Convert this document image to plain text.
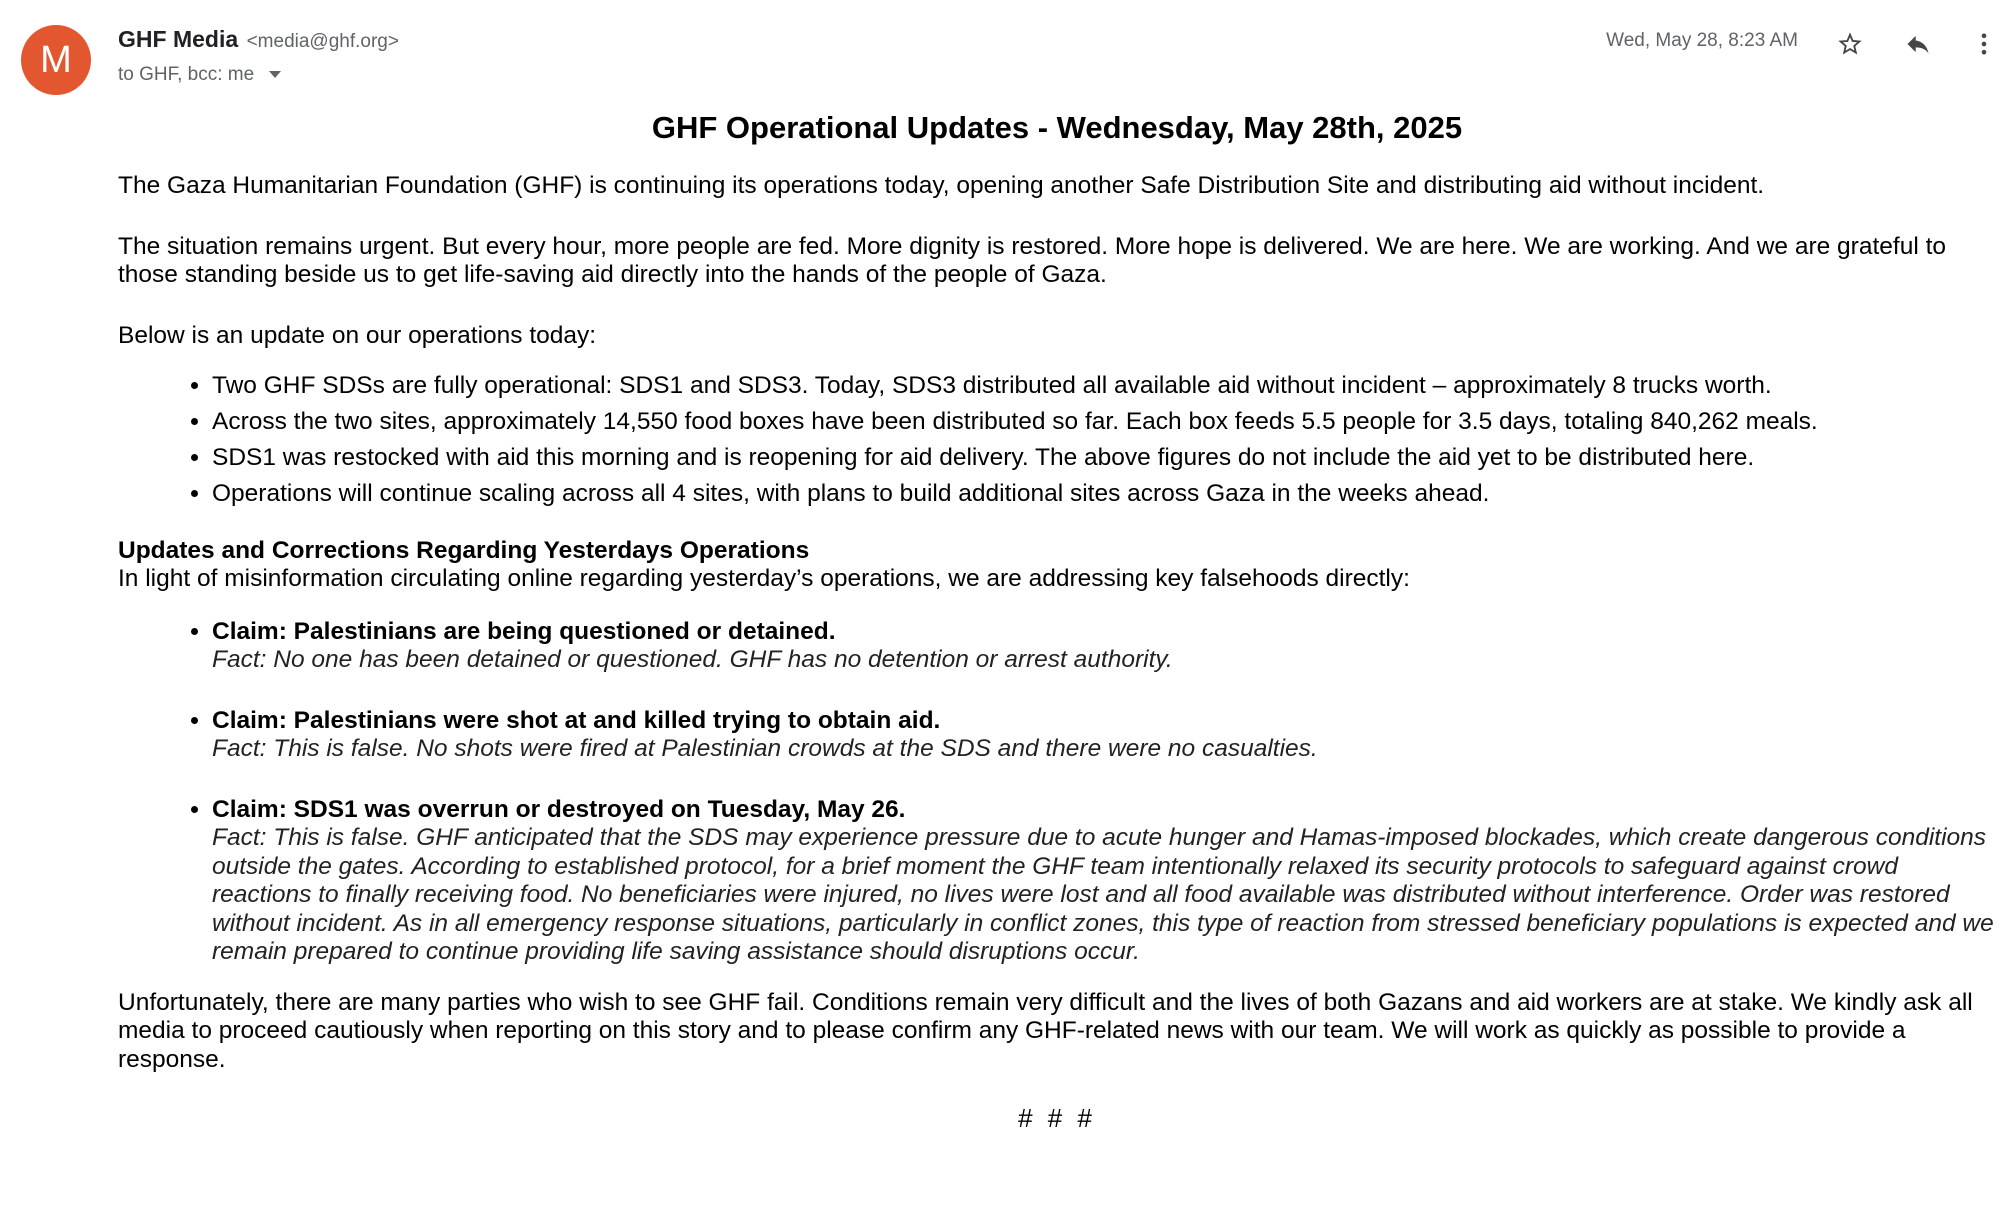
M	GHF Media <media@ghf.org>
to GHF, bcc: me
Wed, May 28, 8:23 AM
GHF Operational Updates - Wednesday, May 28th, 2025

The Gaza Humanitarian Foundation (GHF) is continuing its operations today, opening another Safe Distribution Site and distributing aid without incident.

The situation remains urgent. But every hour, more people are fed. More dignity is restored. More hope is delivered. We are here. We are working. And we are grateful to those standing beside us to get life-saving aid directly into the hands of the people of Gaza.

Below is an update on our operations today:

• Two GHF SDSs are fully operational: SDS1 and SDS3. Today, SDS3 distributed all available aid without incident – approximately 8 trucks worth.
• Across the two sites, approximately 14,550 food boxes have been distributed so far. Each box feeds 5.5 people for 3.5 days, totaling 840,262 meals.
• SDS1 was restocked with aid this morning and is reopening for aid delivery. The above figures do not include the aid yet to be distributed here.
• Operations will continue scaling across all 4 sites, with plans to build additional sites across Gaza in the weeks ahead.
Updates and Corrections Regarding Yesterdays Operations

In light of misinformation circulating online regarding yesterday’s operations, we are addressing key falsehoods directly:

• Claim: Palestinians are being questioned or detained.
Fact: No one has been detained or questioned. GHF has no detention or arrest authority.
• Claim: Palestinians were shot at and killed trying to obtain aid.
Fact: This is false. No shots were fired at Palestinian crowds at the SDS and there were no casualties.
• Claim: SDS1 was overrun or destroyed on Tuesday, May 26.
Fact: This is false. GHF anticipated that the SDS may experience pressure due to acute hunger and Hamas-imposed blockades, which create dangerous conditions outside the gates. According to established protocol, for a brief moment the GHF team intentionally relaxed its security protocols to safeguard against crowd reactions to finally receiving food. No beneficiaries were injured, no lives were lost and all food available was distributed without interference. Order was restored without incident. As in all emergency response situations, particularly in conflict zones, this type of reaction from stressed beneficiary populations is expected and we remain prepared to continue providing life saving assistance should disruptions occur.

Unfortunately, there are many parties who wish to see GHF fail. Conditions remain very difficult and the lives of both Gazans and aid workers are at stake. We kindly ask all media to proceed cautiously when reporting on this story and to please confirm any GHF-related news with our team. We will work as quickly as possible to provide a response.

# # #
